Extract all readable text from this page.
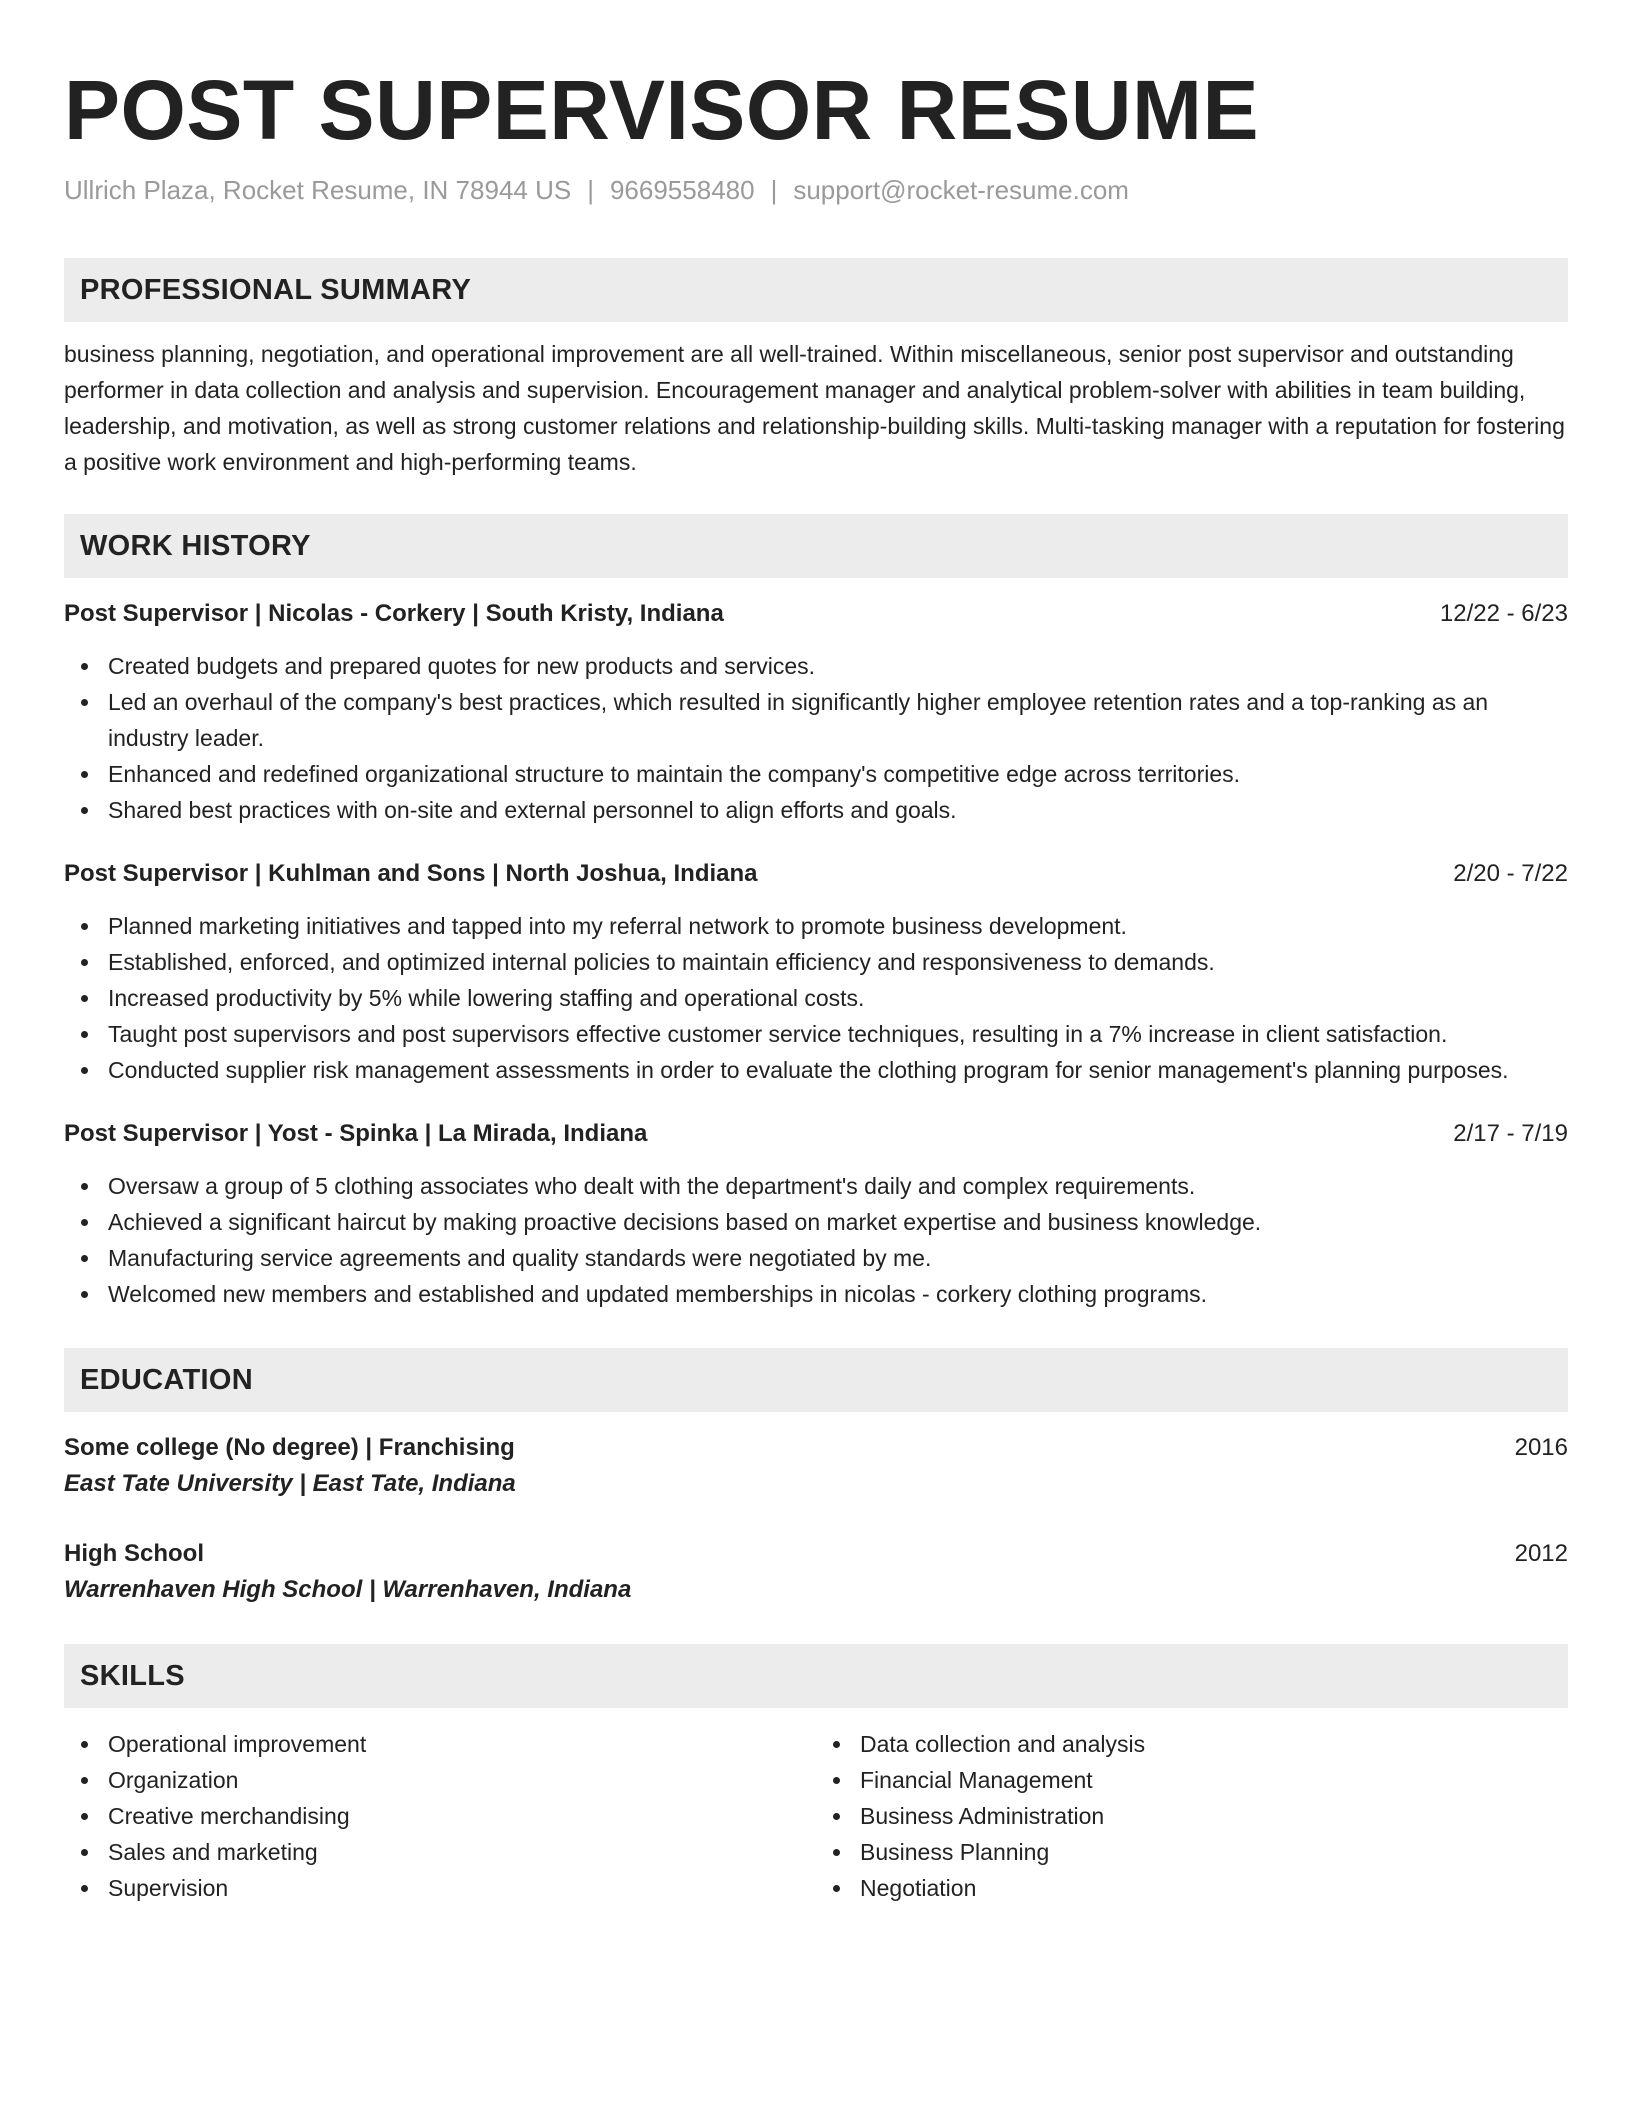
POST SUPERVISOR RESUME
Ullrich Plaza, Rocket Resume, IN 78944 US | 9669558480 | support@rocket-resume.com
PROFESSIONAL SUMMARY

business planning, negotiation, and operational improvement are all well-trained. Within miscellaneous, senior post supervisor and outstanding performer in data collection and analysis and supervision. Encouragement manager and analytical problem-solver with abilities in team building, leadership, and motivation, as well as strong customer relations and relationship-building skills. Multi-tasking manager with a reputation for fostering a positive work environment and high-performing teams.

WORK HISTORY
Post Supervisor | Nicolas - Corkery | South Kristy, Indiana	12/22 - 6/23
Created budgets and prepared quotes for new products and services.
Led an overhaul of the company's best practices, which resulted in significantly higher employee retention rates and a top-ranking as an industry leader.
Enhanced and redefined organizational structure to maintain the company's competitive edge across territories.
Shared best practices with on-site and external personnel to align efforts and goals.
Post Supervisor | Kuhlman and Sons | North Joshua, Indiana	2/20 - 7/22
Planned marketing initiatives and tapped into my referral network to promote business development.
Established, enforced, and optimized internal policies to maintain efficiency and responsiveness to demands.
Increased productivity by 5% while lowering staffing and operational costs.
Taught post supervisors and post supervisors effective customer service techniques, resulting in a 7% increase in client satisfaction.
Conducted supplier risk management assessments in order to evaluate the clothing program for senior management's planning purposes.
Post Supervisor | Yost - Spinka | La Mirada, Indiana	2/17 - 7/19
Oversaw a group of 5 clothing associates who dealt with the department's daily and complex requirements.
Achieved a significant haircut by making proactive decisions based on market expertise and business knowledge.
Manufacturing service agreements and quality standards were negotiated by me.
Welcomed new members and established and updated memberships in nicolas - corkery clothing programs.
EDUCATION
Some college (No degree) | Franchising	2016
East Tate University | East Tate, Indiana
High School	2012
Warrenhaven High School | Warrenhaven, Indiana
SKILLS
Operational improvement
Organization
Creative merchandising
Sales and marketing
Supervision
Data collection and analysis
Financial Management
Business Administration
Business Planning
Negotiation
